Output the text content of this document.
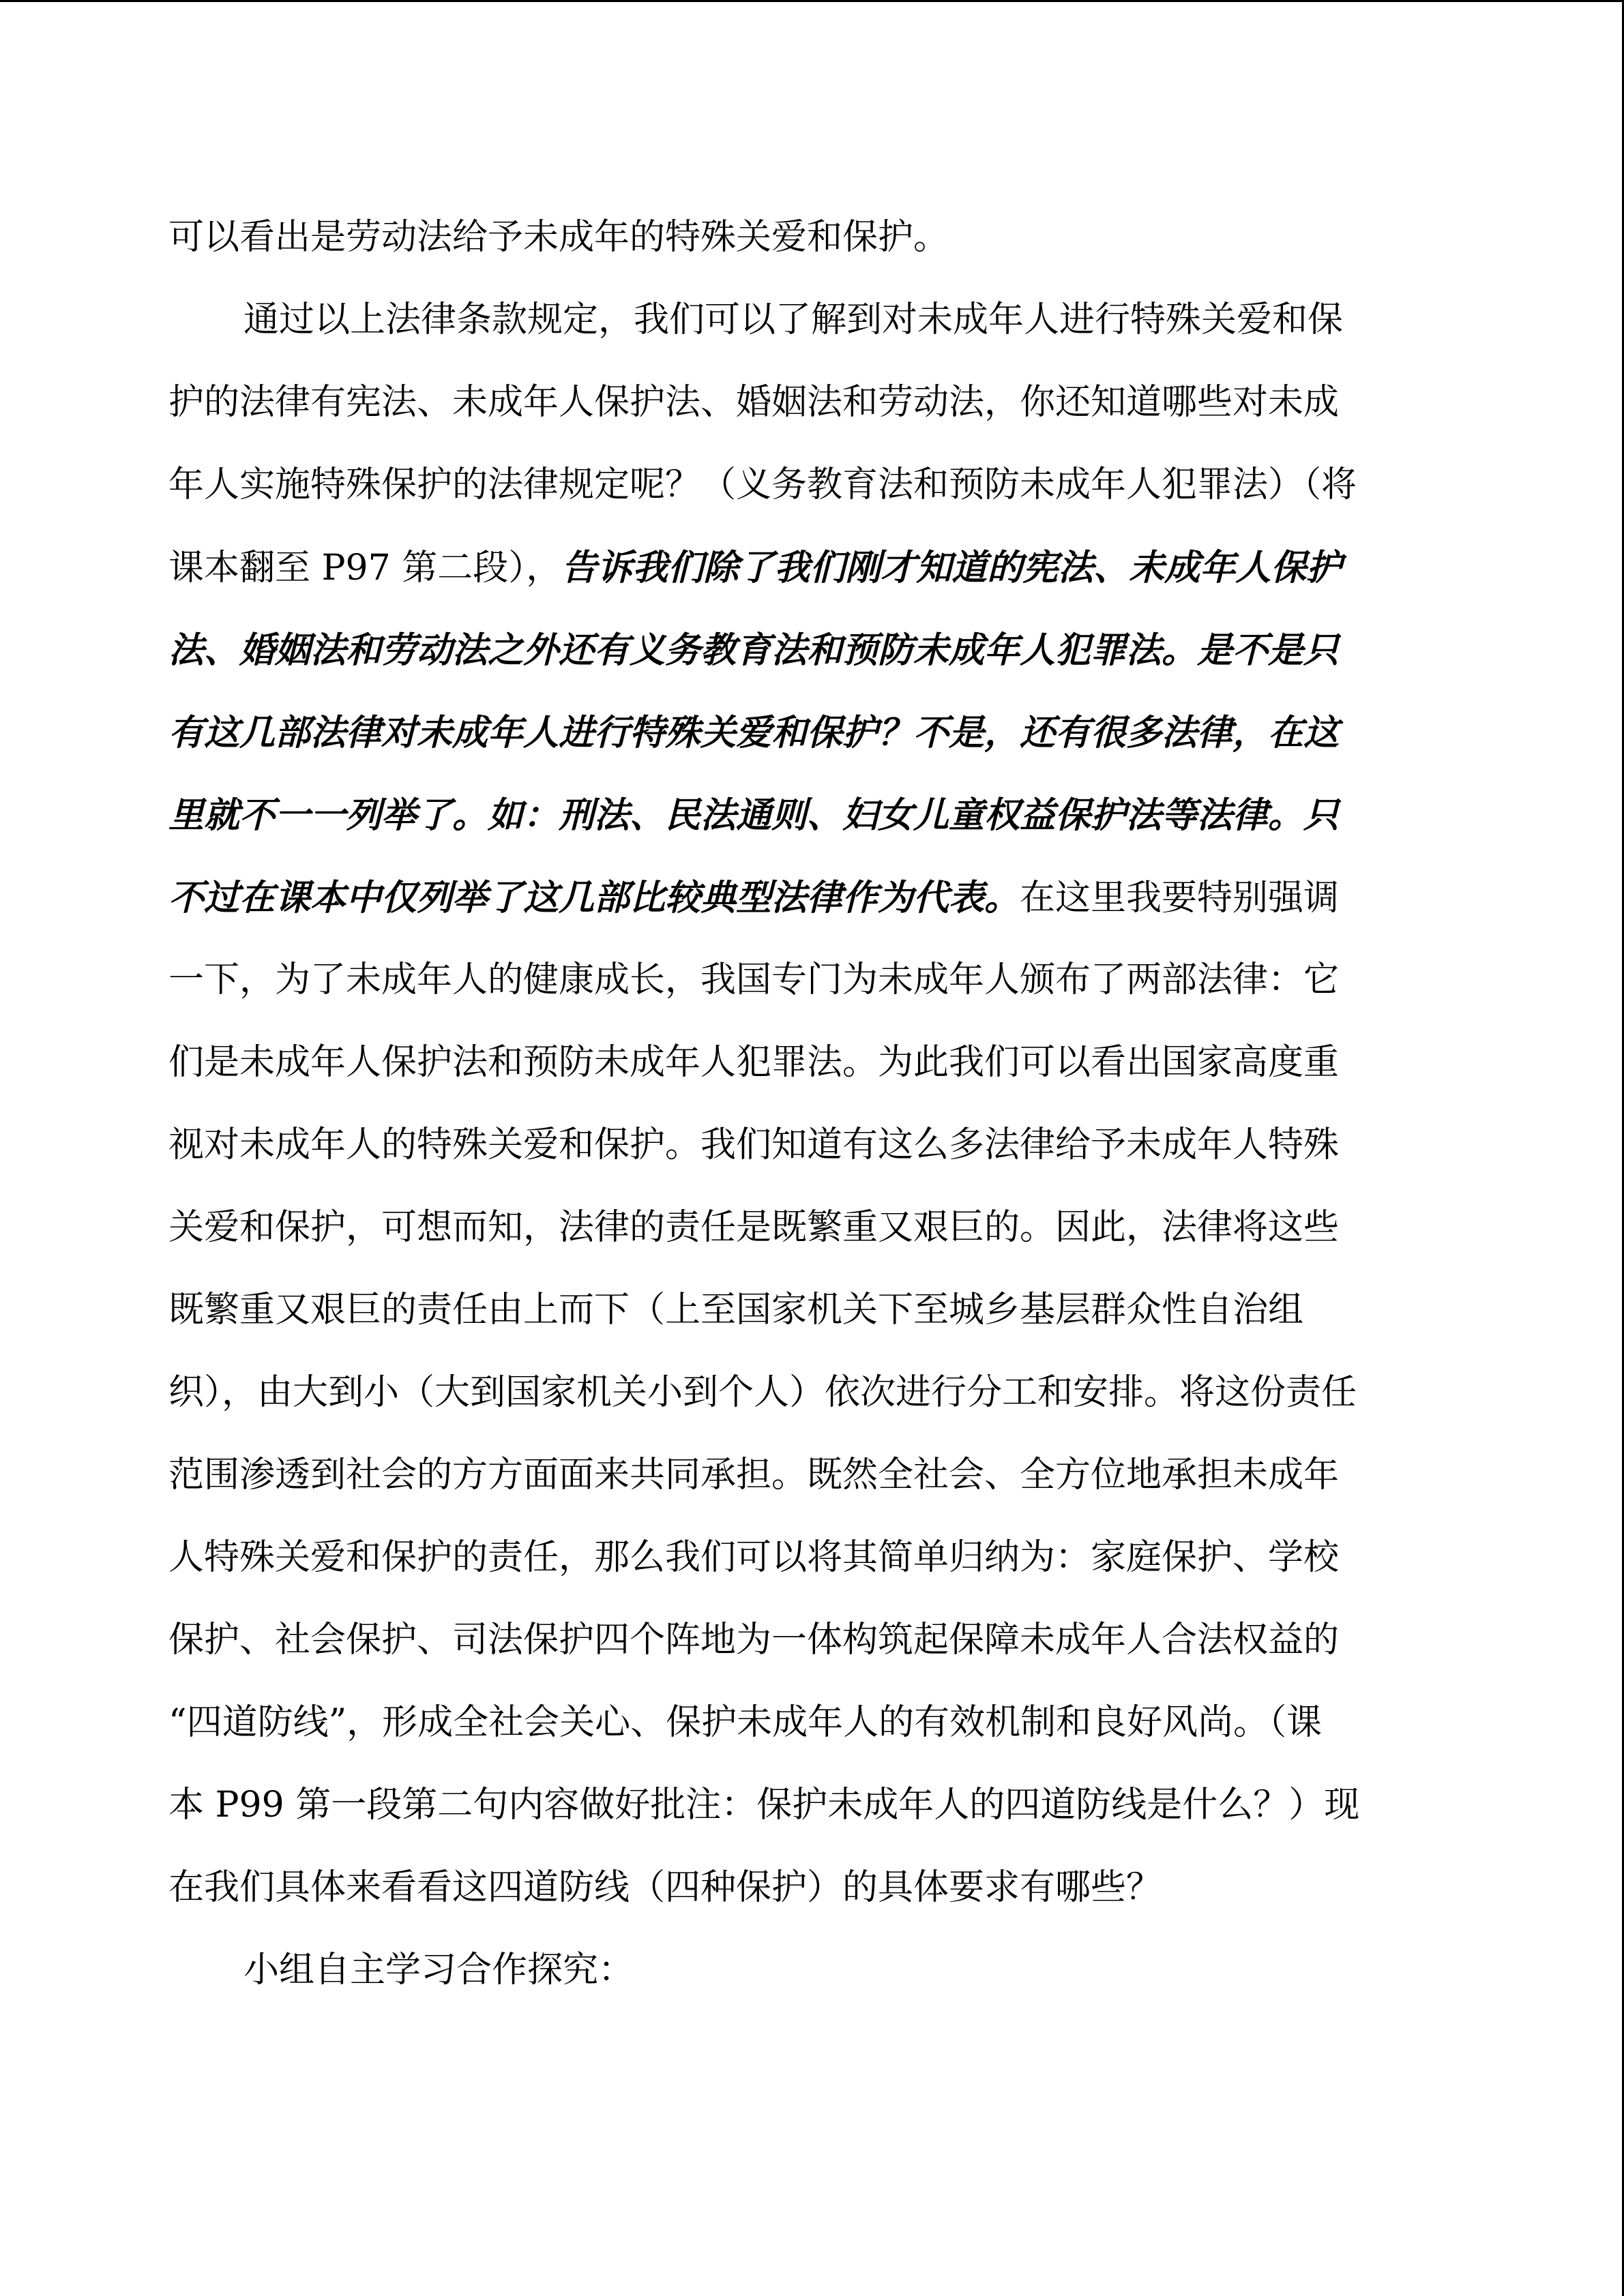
可以看出是劳动法给予未成年的特殊关爱和保护。
通过以上法律条款规定，我们可以了解到对未成年人进行特殊关爱和保
护的法律有宪法、未成年人保护法、婚姻法和劳动法，你还知道哪些对未成
年人实施特殊保护的法律规定呢？（义务教育法和预防未成年人犯罪法）（将
课本翻至 P97 第二段），告诉我们除了我们刚才知道的宪法、未成年人保护
法、婚姻法和劳动法之外还有义务教育法和预防未成年人犯罪法。是不是只
有这几部法律对未成年人进行特殊关爱和保护？不是，还有很多法律，在这
里就不一一列举了。如：刑法、民法通则、妇女儿童权益保护法等法律。只
不过在课本中仅列举了这几部比较典型法律作为代表。在这里我要特别强调
一下，为了未成年人的健康成长，我国专门为未成年人颁布了两部法律：它
们是未成年人保护法和预防未成年人犯罪法。为此我们可以看出国家高度重
视对未成年人的特殊关爱和保护。我们知道有这么多法律给予未成年人特殊
关爱和保护，可想而知，法律的责任是既繁重又艰巨的。因此，法律将这些
既繁重又艰巨的责任由上而下（上至国家机关下至城乡基层群众性自治组
织），由大到小（大到国家机关小到个人）依次进行分工和安排。将这份责任
范围渗透到社会的方方面面来共同承担。既然全社会、全方位地承担未成年
人特殊关爱和保护的责任，那么我们可以将其简单归纳为：家庭保护、学校
保护、社会保护、司法保护四个阵地为一体构筑起保障未成年人合法权益的
“四道防线”，形成全社会关心、保护未成年人的有效机制和良好风尚。（课
本 P99 第一段第二句内容做好批注：保护未成年人的四道防线是什么？）现
在我们具体来看看这四道防线（四种保护）的具体要求有哪些？
小组自主学习合作探究：
